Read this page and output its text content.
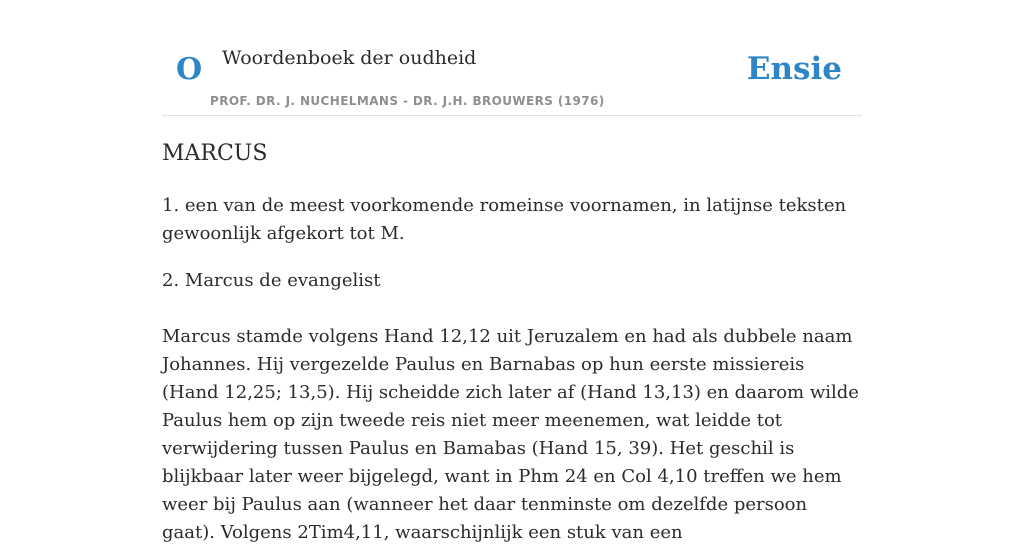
O Woordenboek der oudheid
PROF. DR. J. NUCHELMANS - DR. J.H. BROUWERS (1976)
Ensie
MARCUS

1. een van de meest voorkomende romeinse voornamen, in latijnse teksten gewoonlijk afgekort tot M.

2. Marcus de evangelist

Marcus stamde volgens Hand 12,12 uit Jeruzalem en had als dubbele naam Johannes. Hij vergezelde Paulus en Barnabas op hun eerste missiereis (Hand 12,25; 13,5). Hij scheidde zich later af (Hand 13,13) en daarom wilde Paulus hem op zijn tweede reis niet meer meenemen, wat leidde tot verwijdering tussen Paulus en Bamabas (Hand 15, 39). Het geschil is blijkbaar later weer bijgelegd, want in Phm 24 en Col 4,10 treffen we hem weer bij Paulus aan (wanneer het daar tenminste om dezelfde persoon gaat). Volgens 2Tim4,11, waarschijnlijk een stuk van een
